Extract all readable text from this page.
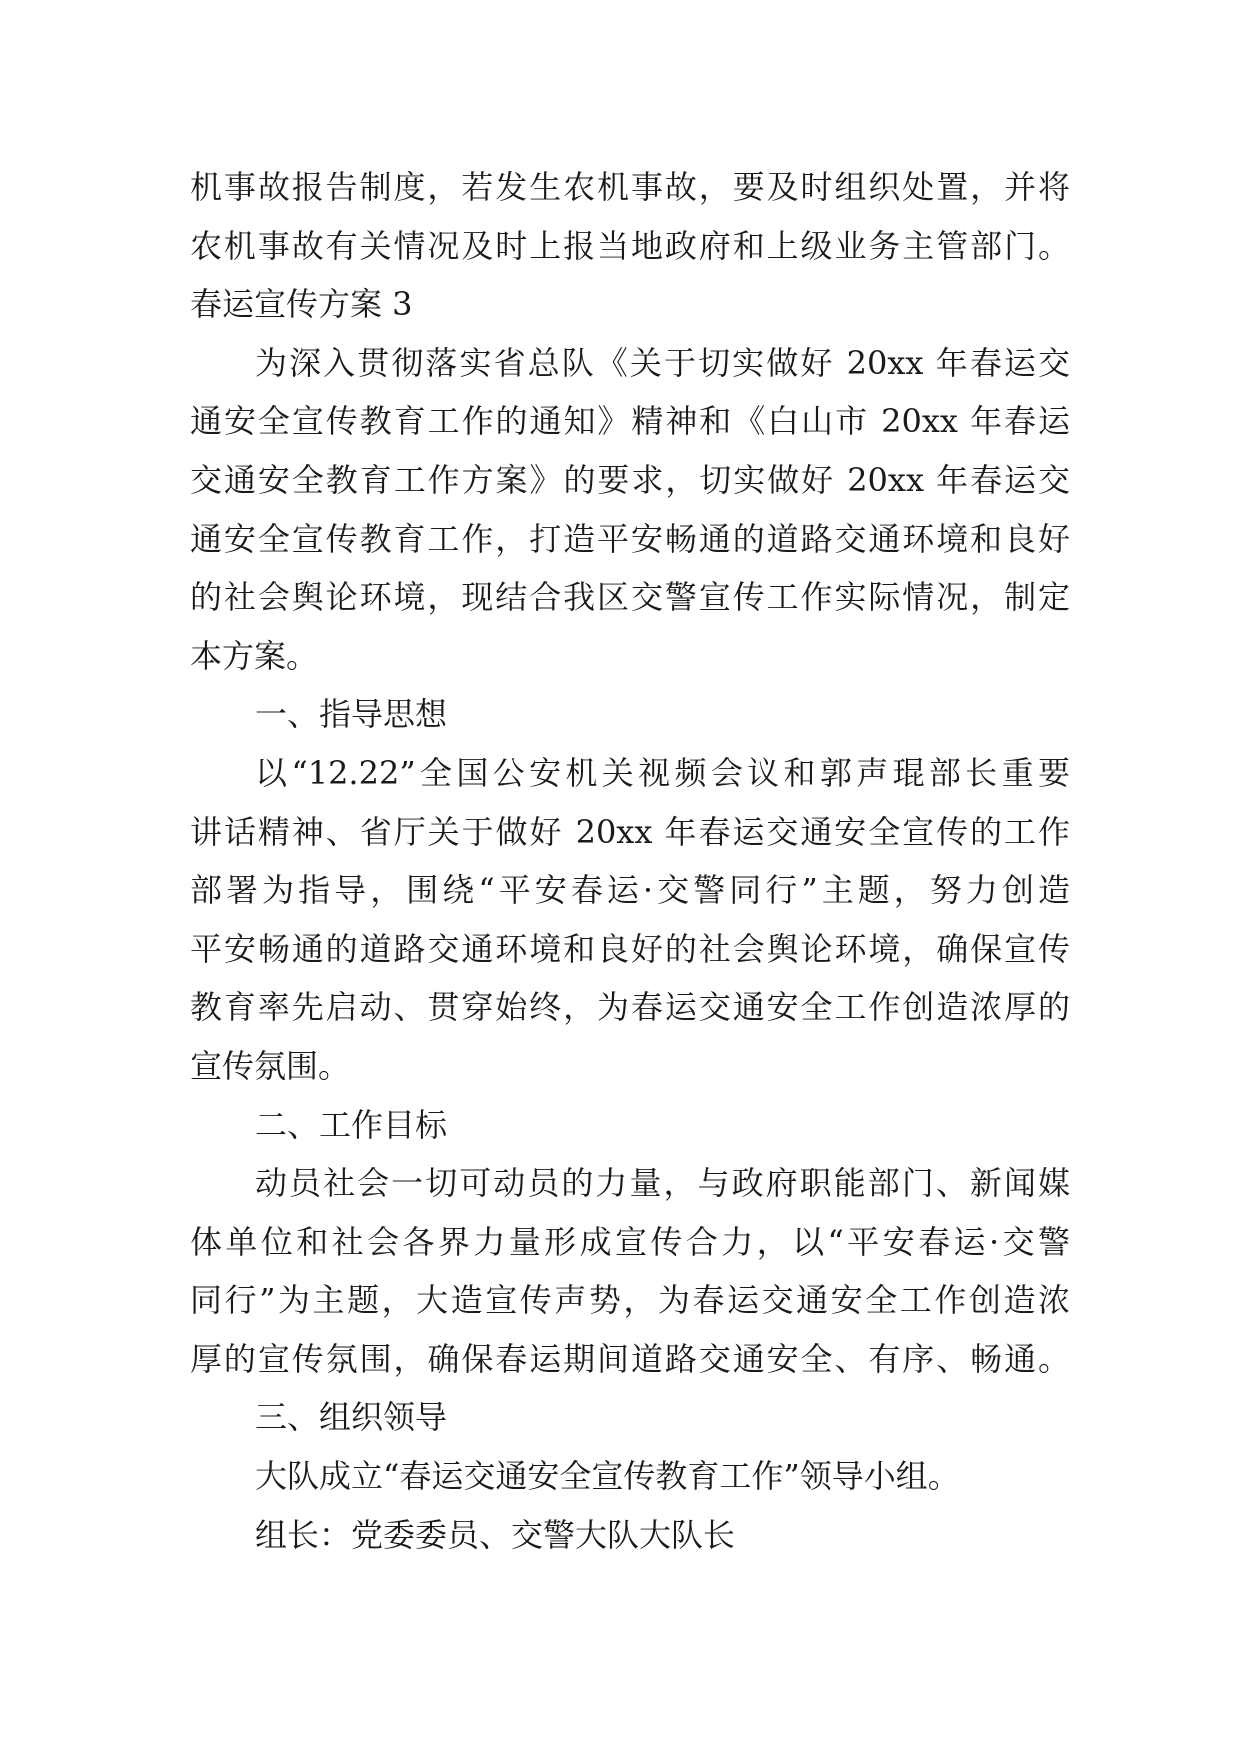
机事故报告制度，若发生农机事故，要及时组织处置，并将
农机事故有关情况及时上报当地政府和上级业务主管部门。
春运宣传方案 3
为深入贯彻落实省总队《关于切实做好 20xx 年春运交
通安全宣传教育工作的通知》精神和《白山市 20xx 年春运
交通安全教育工作方案》的要求，切实做好 20xx 年春运交
通安全宣传教育工作，打造平安畅通的道路交通环境和良好
的社会舆论环境，现结合我区交警宣传工作实际情况，制定
本方案。
一、指导思想
以“12.22”全国公安机关视频会议和郭声琨部长重要
讲话精神、省厅关于做好 20xx 年春运交通安全宣传的工作
部署为指导，围绕“平安春运·交警同行”主题，努力创造
平安畅通的道路交通环境和良好的社会舆论环境，确保宣传
教育率先启动、贯穿始终，为春运交通安全工作创造浓厚的
宣传氛围。
二、工作目标
动员社会一切可动员的力量，与政府职能部门、新闻媒
体单位和社会各界力量形成宣传合力，以“平安春运·交警
同行”为主题，大造宣传声势，为春运交通安全工作创造浓
厚的宣传氛围，确保春运期间道路交通安全、有序、畅通。
三、组织领导
大队成立“春运交通安全宣传教育工作”领导小组。
组长：党委委员、交警大队大队长
